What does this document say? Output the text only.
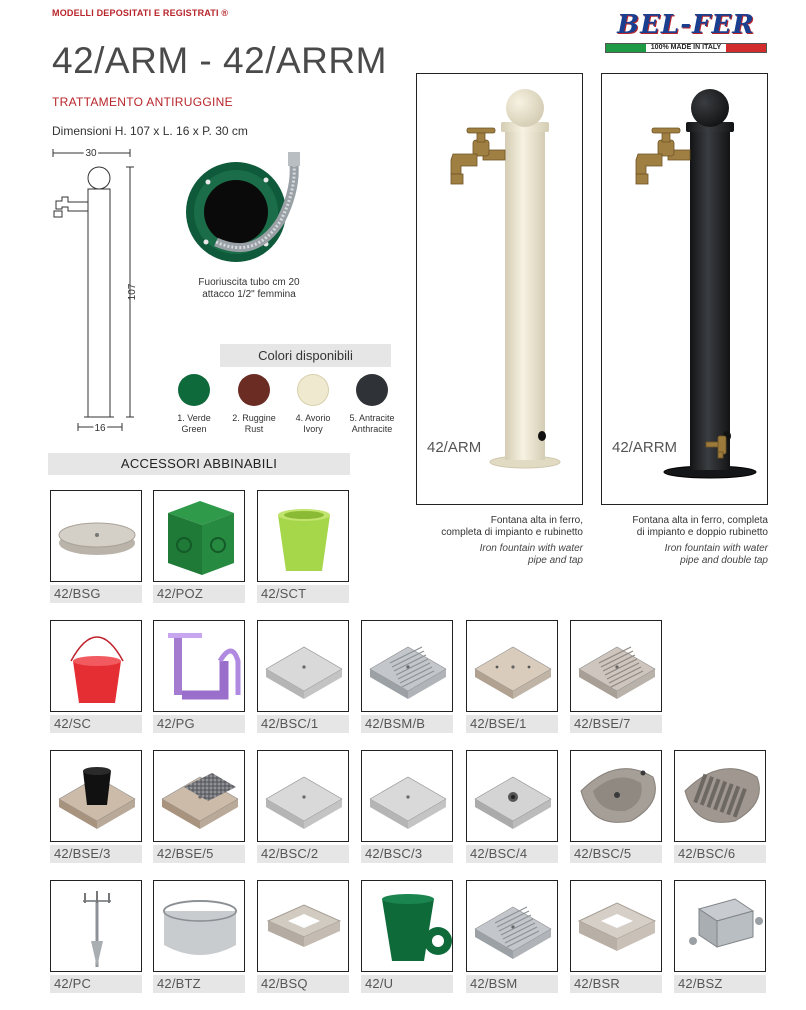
MODELLI DEPOSITATI E REGISTRATI ®	BEL-FER
100% MADE IN ITALY
42/ARM - 42/ARRM
TRATTAMENTO ANTIRUGGINE
Dimensioni H. 107 x L. 16 x P. 30 cm
30
107
16
Fuoriuscita tubo cm 20
attacco 1/2" femmina
Colori disponibili
1. Verde
Green
2. Ruggine
Rust
4. Avorio
Ivory
5. Antracite
Anthracite
ACCESSORI ABBINABILI
42/ARM
Fontana alta in ferro,
completa di impianto e rubinetto
Iron fountain with water
pipe and tap
42/ARRM
Fontana alta in ferro, completa
di impianto e doppio rubinetto
Iron fountain with water
pipe and double tap
42/BSG	42/POZ	42/SCT
42/SC	42/PG	42/BSC/1	42/BSM/B	42/BSE/1	42/BSE/7
42/BSE/3	42/BSE/5	42/BSC/2	42/BSC/3	42/BSC/4	42/BSC/5	42/BSC/6
42/PC	42/BTZ	42/BSQ	42/U	42/BSM	42/BSR	42/BSZ
